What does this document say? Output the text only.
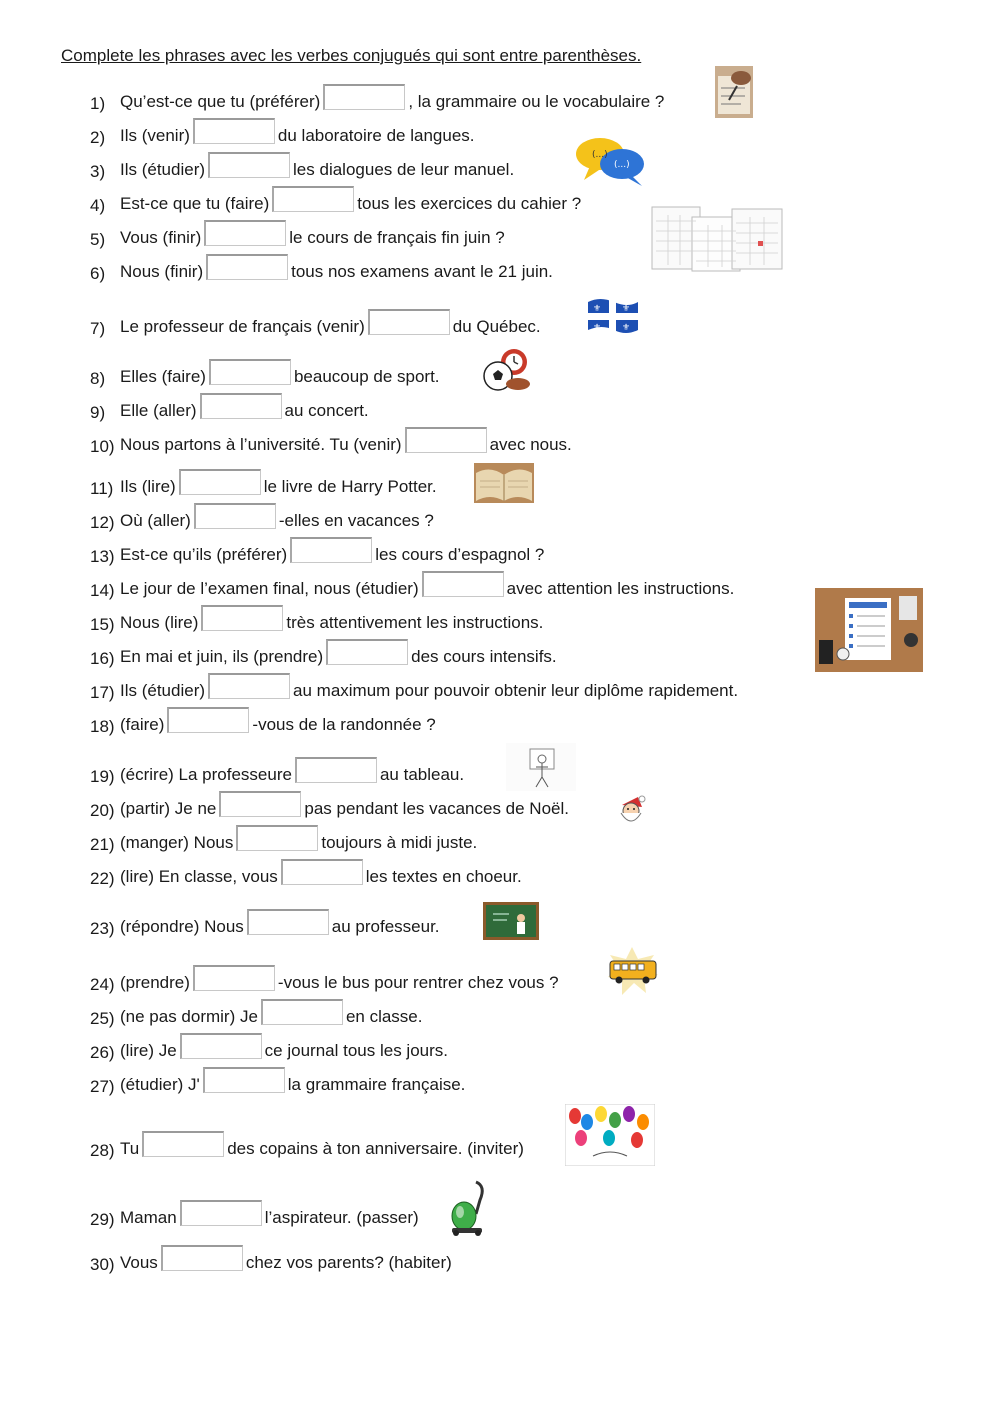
Complete les phrases avec les verbes conjugués qui sont entre parenthèses.
1) Qu’est-ce que tu (préférer)	, la grammaire ou le vocabulaire ?
2) Ils (venir)	du laboratoire de langues.
3) Ils (étudier)	les dialogues de leur manuel.
4) Est-ce que tu (faire)	tous les exercices du cahier ?
5) Vous (finir)	le cours de français fin juin ?
6) Nous (finir)	tous nos examens avant le 21 juin.
7) Le professeur de français (venir)	du Québec.
8) Elles (faire)	beaucoup de sport.
9) Elle (aller)	au concert.
10) Nous partons à l’université. Tu (venir)	avec nous.
11) Ils (lire)	le livre de Harry Potter.
12) Où (aller)	-elles en vacances ?
13) Est-ce qu’ils (préférer)	les cours d’espagnol ?
14) Le jour de l’examen final, nous (étudier)	avec attention les instructions.
15) Nous (lire)	très attentivement les instructions.
16) En mai et juin, ils (prendre)	des cours intensifs.
17) Ils (étudier)	au maximum pour pouvoir obtenir leur diplôme rapidement.
18) (faire)	-vous de la randonnée ?
19) (écrire) La professeure	au tableau.
20) (partir) Je ne	pas pendant les vacances de Noël.
21) (manger) Nous	toujours à midi juste.
22) (lire) En classe, vous	les textes en choeur.
23) (répondre) Nous	au professeur.
24) (prendre)	-vous le bus pour rentrer chez vous ?
25) (ne pas dormir) Je	en classe.
26) (lire) Je	ce journal tous les jours.
27) (étudier) J'	la grammaire française.
28) Tu	des copains à ton anniversaire. (inviter)
29) Maman	l’aspirateur. (passer)
30) Vous	chez vos parents? (habiter)
(...)
(...)
⚜ ⚜
⚜ ⚜
